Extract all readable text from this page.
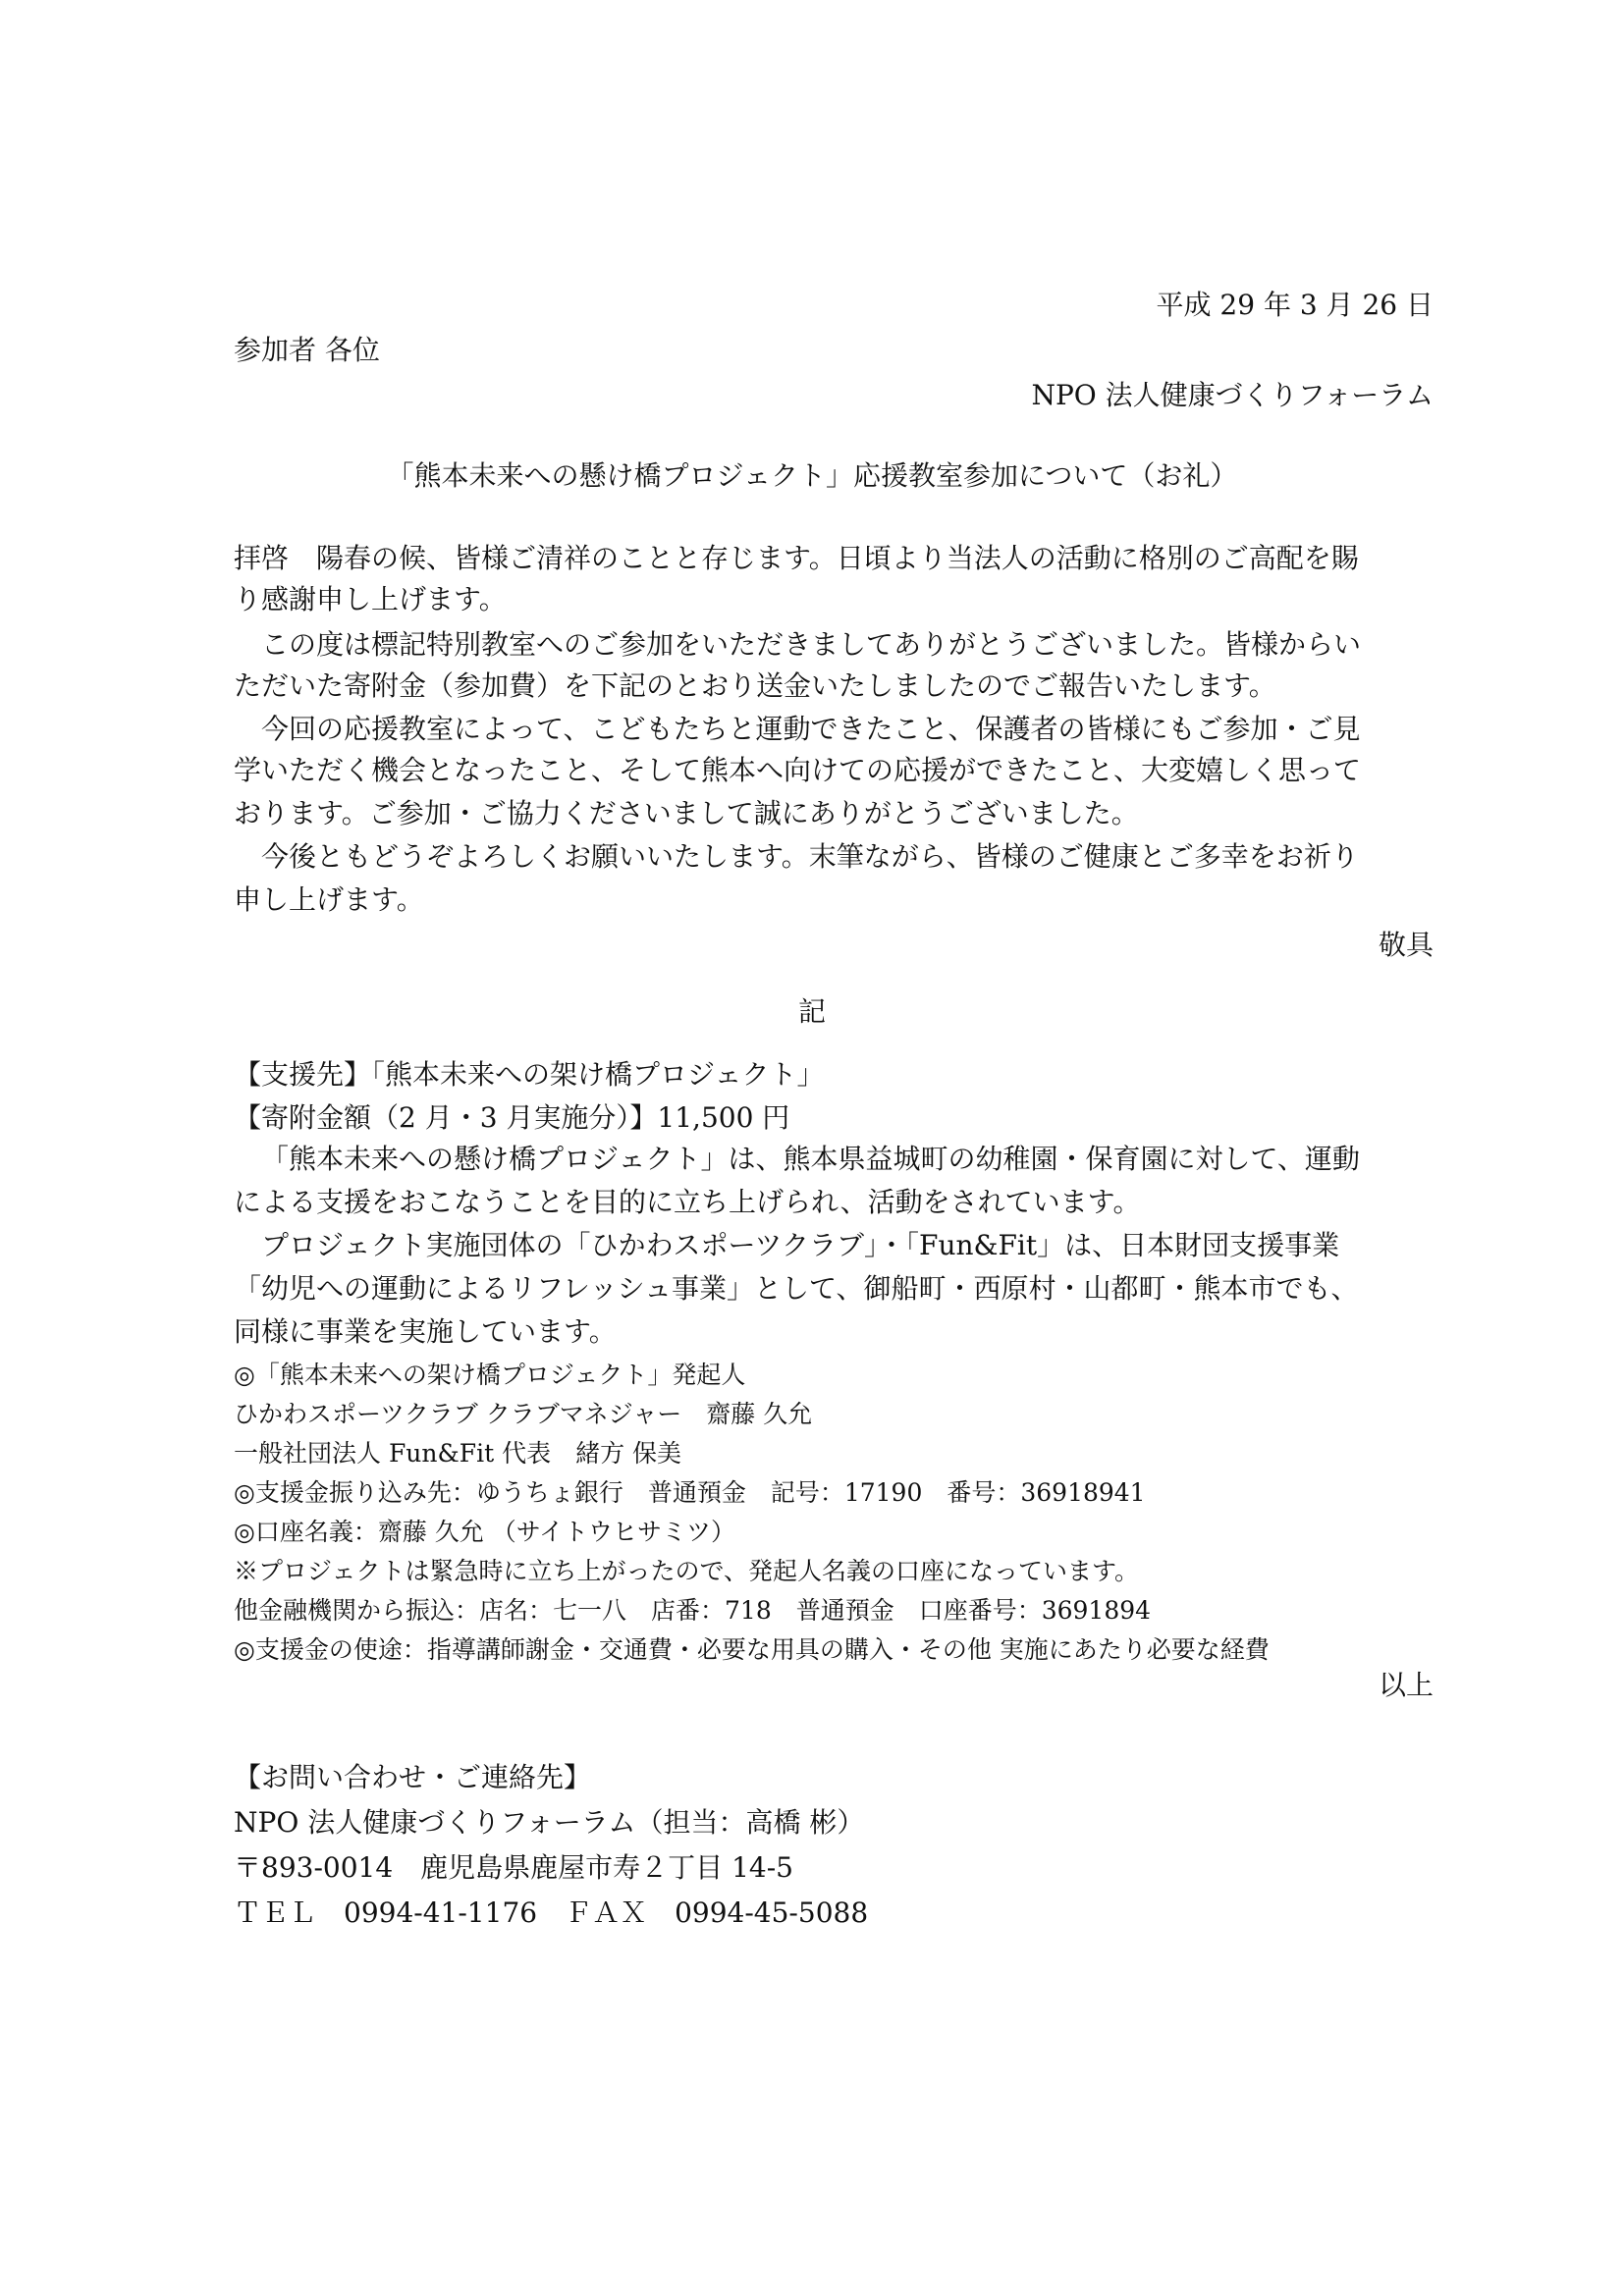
平成 29 年 3 月 26 日

参加者 各位

NPO 法人健康づくりフォーラム

「熊本未来への懸け橋プロジェクト」応援教室参加について（お礼）

拝啓　陽春の候、皆様ご清祥のことと存じます。日頃より当法人の活動に格別のご高配を賜

り感謝申し上げます。

この度は標記特別教室へのご参加をいただきましてありがとうございました。皆様からい

ただいた寄附金（参加費）を下記のとおり送金いたしましたのでご報告いたします。

今回の応援教室によって、こどもたちと運動できたこと、保護者の皆様にもご参加・ご見

学いただく機会となったこと、そして熊本へ向けての応援ができたこと、大変嬉しく思って

おります。ご参加・ご協力くださいまして誠にありがとうございました。

今後ともどうぞよろしくお願いいたします。末筆ながら、皆様のご健康とご多幸をお祈り

申し上げます。

敬具

記

【支援先】「熊本未来への架け橋プロジェクト」

【寄附金額（2 月・3 月実施分）】11,500 円

「熊本未来への懸け橋プロジェクト」は、熊本県益城町の幼稚園・保育園に対して、運動

による支援をおこなうことを目的に立ち上げられ、活動をされています。

プロジェクト実施団体の「ひかわスポーツクラブ」・「Fun&Fit」は、日本財団支援事業

「幼児への運動によるリフレッシュ事業」として、御船町・西原村・山都町・熊本市でも、

同様に事業を実施しています。

◎「熊本未来への架け橋プロジェクト」発起人

ひかわスポーツクラブ クラブマネジャー　齋藤 久允

一般社団法人 Fun&Fit 代表　緒方 保美

◎支援金振り込み先：ゆうちょ銀行　普通預金　記号：17190　番号：36918941

◎口座名義：齋藤 久允 （サイトウヒサミツ）

※プロジェクトは緊急時に立ち上がったので、発起人名義の口座になっています。

他金融機関から振込：店名：七一八　店番：718　普通預金　口座番号：3691894

◎支援金の使途：指導講師謝金・交通費・必要な用具の購入・その他 実施にあたり必要な経費

以上

【お問い合わせ・ご連絡先】

NPO 法人健康づくりフォーラム（担当：高橋 彬）

〒893-0014　鹿児島県鹿屋市寿２丁目 14-5

ＴＥＬ　0994-41-1176　ＦＡＸ　0994-45-5088
